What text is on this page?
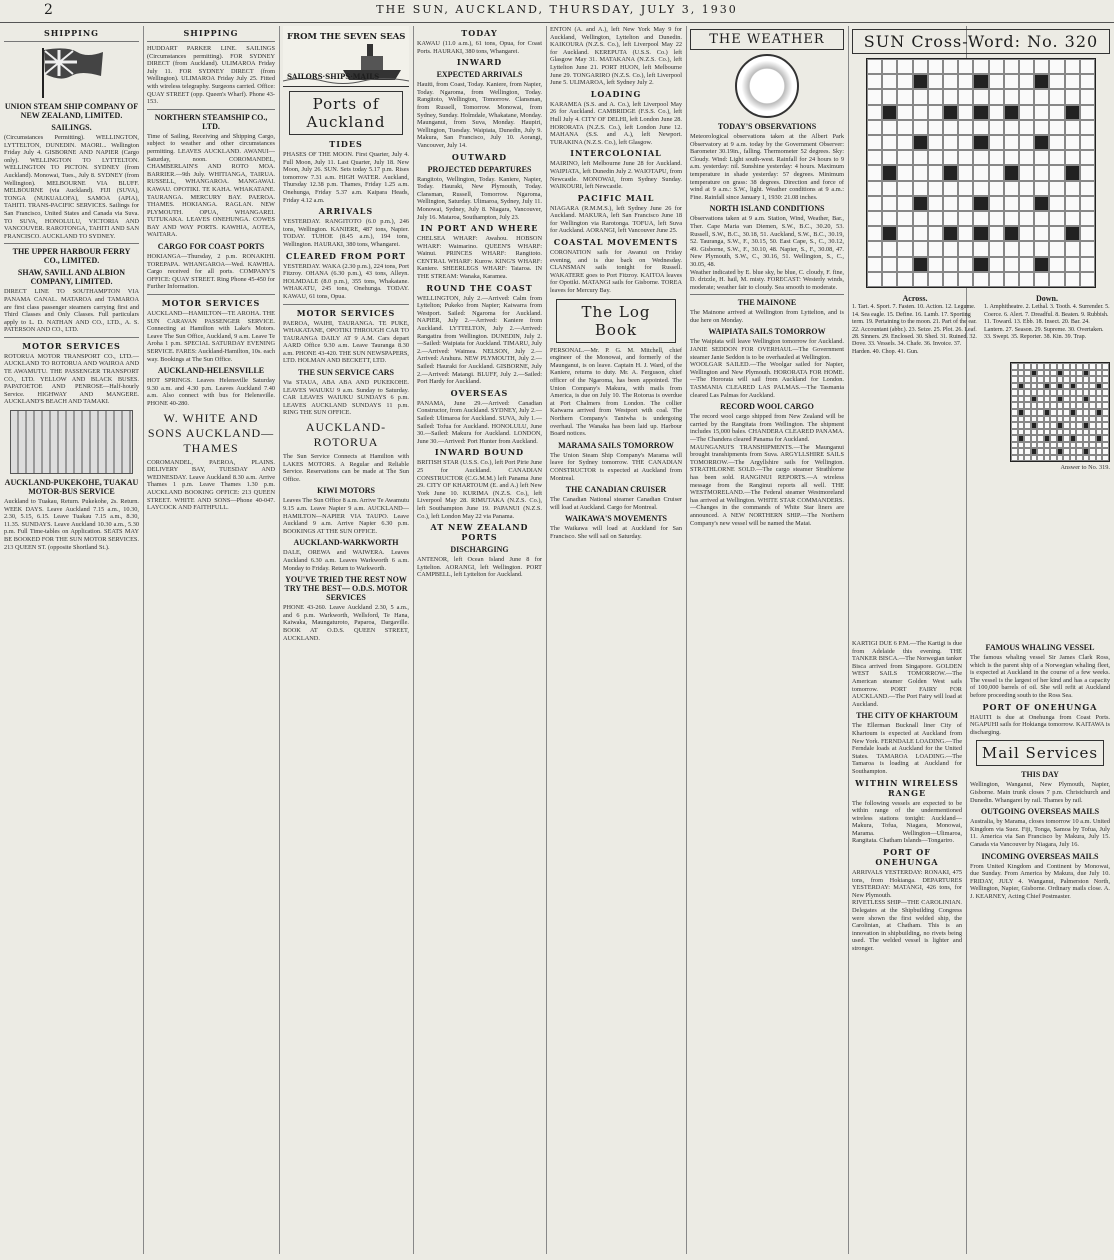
2	THE SUN, AUCKLAND, THURSDAY, JULY 3, 1930
SHIPPING
UNION STEAM SHIP COMPANY OF NEW ZEALAND, LIMITED.
SAILINGS.
(Circumstances Permitting). WELLINGTON, LYTTELTON, DUNEDIN. MAORI... Wellington Friday July 4. GISBORNE AND NAPIER (Cargo only). WELLINGTON TO LYTTELTON. WELLINGTON TO PICTON. SYDNEY (from Auckland). Monowai, Tues., July 8. SYDNEY (from Wellington). MELBOURNE VIA BLUFF. MELBOURNE (via Auckland). FIJI (SUVA), TONGA (NUKUALOFA), SAMOA (APIA), TAHITI. TRANS-PACIFIC SERVICES. Sailings for San Francisco, United States and Canada via Suva. TO SUVA, HONOLULU, VICTORIA AND VANCOUVER. RAROTONGA, TAHITI AND SAN FRANCISCO. AUCKLAND TO SYDNEY.
THE UPPER HARBOUR FERRY CO., LIMITED.
SHAW, SAVILL AND ALBION COMPANY, LIMITED.
DIRECT LINE TO SOUTHAMPTON VIA PANAMA CANAL. MATAROA and TAMAROA are first class passenger steamers carrying first and Third Classes and Only Classes. Full particulars apply to L. D. NATHAN AND CO., LTD., A. S. PATERSON AND CO., LTD.
MOTOR SERVICES
ROTORUA MOTOR TRANSPORT CO., LTD.—AUCKLAND TO ROTORUA AND WAIROA AND TE AWAMUTU. THE PASSENGER TRANSPORT CO., LTD. YELLOW AND BLACK BUSES. PAPATOETOE AND PENROSE—Half-hourly Service. HIGHWAY AND MANGERE. AUCKLAND'S BEACH AND TAMAKI.
AUCKLAND-PUKEKOHE, TUAKAU MOTOR-BUS SERVICE
Auckland to Tuakau, Return. Pukekohe, 2s. Return. WEEK DAYS. Leave Auckland 7.15 a.m., 10.30, 2.30, 5.15, 6.15. Leave Tuakau 7.15 a.m., 8.30, 11.35. SUNDAYS. Leave Auckland 10.30 a.m., 5.30 p.m. Full Time-tables on Application. SEATS MAY BE BOOKED FOR THE SUN MOTOR SERVICES. 213 QUEEN ST. (opposite Shortland St.).
SHIPPING
HUDDART PARKER LINE. SAILINGS (Circumstances permitting). FOR SYDNEY DIRECT (from Auckland). ULIMAROA Friday July 11. FOR SYDNEY DIRECT (from Wellington). ULIMAROA Friday July 25. Fitted with wireless telegraphy. Surgeons carried. Office: QUAY STREET (opp. Queen's Wharf). Phone 43-153.
NORTHERN STEAMSHIP CO., LTD.
Time of Sailing, Receiving and Shipping Cargo, subject to weather and other circumstances permitting. LEAVES AUCKLAND. AWANUI—Saturday, noon. COROMANDEL, CHAMBERLAIN'S AND ROTO MOA. BARRIER.—9th July. WHITIANGA, TAIRUA. RUSSELL, WHANGAROA. MANGAWAI. KAWAU. OPOTIKI. TE KAHA. WHAKATANE. TAURANGA. MERCURY BAY. PAEROA. THAMES. HOKIANGA. RAGLAN. NEW PLYMOUTH. OPUA, WHANGAREI. TUTUKAKA. LEAVES ONEHUNGA. COWES BAY AND WAY PORTS. KAWHIA, AOTEA, WAITARA.
CARGO FOR COAST PORTS
HOKIANGA—Thursday, 2 p.m. RONAKIHI. TOREPAPA. WHANGAROA—Wed. KAWHIA. Cargo received for all ports. COMPANY'S OFFICE: QUAY STREET. Ring Phone 45-450 for Further Information.
MOTOR SERVICES
AUCKLAND—HAMILTON—TE AROHA. THE SUN CARAVAN PASSENGER SERVICE. Connecting at Hamilton with Lake's Motors. Leave The Sun Office, Auckland, 9 a.m. Leave Te Aroha 1 p.m. SPECIAL SATURDAY EVENING SERVICE. FARES: Auckland-Hamilton, 10s. each way. Bookings at The Sun Office.
AUCKLAND-HELENSVILLE
HOT SPRINGS. Leaves Helensville Saturday 9.30 a.m. and 4.30 p.m. Leaves Auckland 7.40 a.m. Also connect with bus for Helensville. PHONE 40-280.
W. WHITE AND SONS AUCKLAND—THAMES
COROMANDEL, PAEROA, PLAINS. DELIVERY BAY, TUESDAY AND WEDNESDAY. Leave Auckland 8.30 a.m. Arrive Thames 1 p.m. Leave Thames 1.30 p.m. AUCKLAND BOOKING OFFICE: 213 QUEEN STREET. WHITE AND SONS—Phone 40-047. LAYCOCK AND FAITHFULL.
FROM THE SEVEN SEAS
SAILORS·SHIPS·MAILS
Ports of Auckland
TIDES
PHASES OF THE MOON. First Quarter, July 4. Full Moon, July 11. Last Quarter, July 18. New Moon, July 26. SUN. Sets today 5.17 p.m. Rises tomorrow 7.31 a.m. HIGH WATER. Auckland, Thursday 12.38 p.m. Thames, Friday 1.25 a.m. Onehunga, Friday 5.37 a.m. Kaipara Heads, Friday 4.12 a.m.
ARRIVALS
YESTERDAY. RANGITOTO (6.0 p.m.), 246 tons, Wellington. KANIERE, 487 tons, Napier. TODAY. TUHOE (8.45 a.m.), 194 tons, Wellington. HAURAKI, 380 tons, Whangarei.
CLEARED FROM PORT
YESTERDAY. WAKA (2.30 p.m.), 224 tons, Port Fitzroy. OHANA (6.30 p.m.), 43 tons, Alleyn. HOLMDALE (8.0 p.m.), 355 tons, Whakatane. WHAKATU, 245 tons, Onehunga. TODAY. KAWAU, 61 tons, Opua.
MOTOR SERVICES
PAEROA, WAIHI, TAURANGA. TE PUKE, WHAKATANE, OPOTIKI THROUGH CAR TO TAURANGA DAILY AT 9 A.M. Cars depart AARD Office 9.30 a.m. Leave Tauranga 8.30 a.m. PHONE 43-420. THE SUN NEWSPAPERS, LTD. HOLMAN AND BECKETT, LTD.
THE SUN SERVICE CARS
Via STAUA, ABA ABA AND PUKEKOHE. LEAVES WAIUKU 9 a.m. Sunday to Saturday. CAR LEAVES WAIUKU SUNDAYS 6 p.m. LEAVES AUCKLAND SUNDAYS 11 p.m. RING THE SUN OFFICE.
AUCKLAND-ROTORUA
The Sun Service Connects at Hamilton with LAKES MOTORS. A Regular and Reliable Service. Reservations can be made at The Sun Office.
KIWI MOTORS
Leaves The Sun Office 8 a.m. Arrive Te Awamutu 9.15 a.m. Leave Napier 9 a.m. AUCKLAND—HAMILTON—NAPIER VIA TAUPO. Leave Auckland 9 a.m. Arrive Napier 6.30 p.m. BOOKINGS AT THE SUN OFFICE.
AUCKLAND-WARKWORTH
DALE, OREWA and WAIWERA. Leaves Auckland 6.30 a.m. Leaves Warkworth 6 a.m. Monday to Friday. Return to Warkworth.
YOU'VE TRIED THE REST NOW TRY THE BEST— O.D.S. MOTOR SERVICES
PHONE 43-260. Leave Auckland 2.30, 5 a.m., and 6 p.m. Warkworth, Wellsford, Te Hana, Kaiwaka, Maungaturoto, Paparoa, Dargaville. BOOK AT O.D.S. QUEEN STREET, AUCKLAND.
TODAY
KAWAU (11.0 a.m.), 61 tons, Opua, for Coast Ports. HAURAKI, 380 tons, Whangarei.
INWARD
EXPECTED ARRIVALS
Hauiti, from Coast, Today. Kaniere, from Napier, Today. Ngaroma, from Wellington, Today. Rangitoto, Wellington, Tomorrow. Clansman, from Russell, Tomorrow. Monowai, from Sydney, Sunday. Holmdale, Whakatane, Monday. Maunganui, from Suva, Monday. Haupiri, Wellington, Tuesday. Waipiata, Dunedin, July 9. Makura, San Francisco, July 10. Aorangi, Vancouver, July 14.
OUTWARD
PROJECTED DEPARTURES
Rangitoto, Wellington, Today. Kaniere, Napier, Today. Hauraki, New Plymouth, Today. Clansman, Russell, Tomorrow. Ngaroma, Wellington, Saturday. Ulimaroa, Sydney, July 11. Monowai, Sydney, July 8. Niagara, Vancouver, July 16. Mataroa, Southampton, July 23.
IN PORT AND WHERE
CHELSEA WHARF: Awahou. HOBSON WHARF: Waimarino. QUEEN'S WHARF: Wainui. PRINCES WHARF: Rangitoto. CENTRAL WHARF: Kurow. KING'S WHARF: Kaniere. SHEERLEGS WHARF: Taiaroa. IN THE STREAM: Wanaka, Karamea.
ROUND THE COAST
WELLINGTON, July 2.—Arrived: Calm from Lyttelton; Pukeko from Napier; Kaiwarra from Westport. Sailed: Ngaroma for Auckland. NAPIER, July 2.—Arrived: Kaniere from Auckland. LYTTELTON, July 2.—Arrived: Rangatira from Wellington. DUNEDIN, July 2.—Sailed: Waipiata for Auckland. TIMARU, July 2.—Arrived: Waimea. NELSON, July 2.—Arrived: Arahura. NEW PLYMOUTH, July 2.—Sailed: Hauraki for Auckland. GISBORNE, July 2.—Arrived: Matangi. BLUFF, July 2.—Sailed: Port Hardy for Auckland.
OVERSEAS
PANAMA, June 29.—Arrived: Canadian Constructor, from Auckland. SYDNEY, July 2.—Sailed: Ulimaroa for Auckland. SUVA, July 1.—Sailed: Tofua for Auckland. HONOLULU, June 30.—Sailed: Makura for Auckland. LONDON, June 30.—Arrived: Port Hunter from Auckland.
INWARD BOUND
BRITISH STAR (U.S.S. Co.), left Port Pirie June 25 for Auckland. CANADIAN CONSTRUCTOR (C.G.M.M.) left Panama June 29. CITY OF KHARTOUM (E. and A.) left New York June 10. KURIMA (N.Z.S. Co.), left Liverpool May 28. RIMUTAKA (N.Z.S. Co.), left Southampton June 19. PAPANUI (N.Z.S. Co.), left London May 22 via Panama.
AT NEW ZEALAND PORTS
DISCHARGING
ANTENOR, left Ocean Island June 8 for Lyttelton. AORANGI, left Wellington. PORT CAMPBELL, left Lyttelton for Auckland.
ENTON (A. and A.), left New York May 9 for Auckland, Wellington, Lyttelton and Dunedin. KAIKOURA (N.Z.S. Co.), left Liverpool May 22 for Auckland. KEREPUTA (U.S.S. Co.) left Glasgow May 31. MATAKANA (N.Z.S. Co.), left Lyttelton June 21. PORT HUON, left Melbourne June 29. TONGARIRO (N.Z.S. Co.), left Liverpool June 5. ULIMAROA, left Sydney July 2.
LOADING
KARAMEA (S.S. and A. Co.), left Liverpool May 26 for Auckland. CAMBRIDGE (F.S.S. Co.), left Hull July 4. CITY OF DELHI, left London June 28. HORORATA (N.Z.S. Co.), left London June 12. MAHANA (S.S. and A.), left Newport. TURAKINA (N.Z.S. Co.), left Glasgow.
INTERCOLONIAL
MAIRINO, left Melbourne June 28 for Auckland. WAIPIATA, left Dunedin July 2. WAIOTAPU, from Newcastle. MONOWAI, from Sydney Sunday. WAIKOURI, left Newcastle.
PACIFIC MAIL
NIAGARA (R.M.M.S.), left Sydney June 26 for Auckland. MAKURA, left San Francisco June 18 for Wellington via Rarotonga. TOFUA, left Suva for Auckland. AORANGI, left Vancouver June 25.
COASTAL MOVEMENTS
CORONATION sails for Awanui on Friday evening, and is due back on Wednesday. CLANSMAN sails tonight for Russell. WAKATERE goes to Port Fitzroy. KAITOA leaves for Opotiki. MATANGI sails for Gisborne. TOREA leaves for Mercury Bay.
The Log Book
PERSONAL.—Mr. P. G. M. Mitchell, chief engineer of the Monowai, and formerly of the Maunganui, is on leave. Captain H. J. Ward, of the Kaniere, returns to duty. Mr. A. Ferguson, chief officer of the Ngaroma, has been appointed. The Union Company's Makura, with mails from America, is due on July 10. The Rotorua is overdue at Port Chalmers from London. The collier Kaiwarra arrived from Westport with coal. The Northern Company's Taniwha is undergoing overhaul. The Wanaka has been laid up. Harbour Board notices.
MARAMA SAILS TOMORROW
The Union Steam Ship Company's Marama will leave for Sydney tomorrow. THE CANADIAN CONSTRUCTOR is expected at Auckland from Montreal.
THE CANADIAN CRUISER
The Canadian National steamer Canadian Cruiser will load at Auckland. Cargo for Montreal.
WAIKAWA'S MOVEMENTS
The Waikawa will load at Auckland for San Francisco. She will sail on Saturday.
THE WEATHER
TODAY'S OBSERVATIONS
Meteorological observations taken at the Albert Park Observatory at 9 a.m. today by the Government Observer: Barometer 30.19in., falling. Thermometer 52 degrees. Sky: Cloudy. Wind: Light south-west. Rainfall for 24 hours to 9 a.m. yesterday: nil. Sunshine yesterday: 4 hours. Maximum temperature in shade yesterday: 57 degrees. Minimum temperature on grass: 38 degrees. Direction and force of wind at 9 a.m.: S.W., light. Weather conditions at 9 a.m.: Fine. Rainfall since January 1, 1930: 21.08 inches.
NORTH ISLAND CONDITIONS
Observations taken at 9 a.m. Station, Wind, Weather, Bar., Ther. Cape Maria van Diemen, S.W., B.C., 30.20, 53. Russell, S.W., B.C., 30.18, 51. Auckland, S.W., B.C., 30.19, 52. Tauranga, S.W., F., 30.15, 50. East Cape, S., C., 30.12, 49. Gisborne, S.W., F., 30.10, 48. Napier, S., F., 30.08, 47. New Plymouth, S.W., C., 30.16, 51. Wellington, S., C., 30.05, 48.
Weather indicated by E. blue sky, be blue, C. cloudy, F. fine, D. drizzle, H. hail, M. misty. FORECAST: Westerly winds, moderate; weather fair to cloudy. Sea smooth to moderate.
THE MAINONE
The Mainone arrived at Wellington from Lyttelton, and is due here on Monday.
WAIPIATA SAILS TOMORROW
The Waipiata will leave Wellington tomorrow for Auckland. JANIE SEDDON FOR OVERHAUL—The Government steamer Janie Seddon is to be overhauled at Wellington.
WOOLGAR SAILED.—The Woolgar sailed for Napier, Wellington and New Plymouth. HORORATA FOR HOME.—The Hororata will sail from Auckland for London. TASMANIA CLEARED LAS PALMAS.—The Tasmania cleared Las Palmas for Auckland.
RECORD WOOL CARGO
The record wool cargo shipped from New Zealand will be carried by the Rangitata from Wellington. The shipment includes 15,000 bales. CHANDERA CLEARED PANAMA.—The Chandera cleared Panama for Auckland.
MAUNGANUI'S TRANSHIPMENTS.—The Maunganui brought transhipments from Suva. ARGYLLSHIRE SAILS TOMORROW.—The Argyllshire sails for Wellington. STRATHLORNE SOLD.—The cargo steamer Strathlorne has been sold. RANGINUI REPORTS.—A wireless message from the Ranginui reports all well. THE WESTMORELAND.—The Federal steamer Westmoreland has arrived at Wellington. WHITE STAR COMMANDERS.—Changes in the commands of White Star liners are announced. A NEW NORTHERN SHIP.—The Northern Company's new vessel will be named the Matai.
SUN Cross-Word: No. 320
Across.
1. Tart. 4. Sport. 7. Fasten. 10. Action. 12. Legume. 14. Sea eagle. 15. Define. 16. Lamb. 17. Sporting term. 19. Pertaining to the moon. 21. Part of the ear. 22. Accountant (abbr.). 23. Seize. 25. Plot. 26. Leaf. 28. Sinners. 29. Enclosed. 30. Shed. 31. Ruined. 32. Dove. 33. Vessels. 34. Chafe. 36. Invoice. 37. Harden. 40. Chop. 41. Gun.
Down.
1. Amphitheatre. 2. Lethal. 3. Tooth. 4. Surrender. 5. Coerce. 6. Alert. 7. Dreadful. 8. Beaten. 9. Rubbish. 11. Toward. 13. Ebb. 18. Insect. 20. Bar. 24. Lantern. 27. Season. 29. Supreme. 30. Overtaken. 33. Swept. 35. Reporter. 38. Kin. 39. Trap.
Answer to No. 319.
KARTIGI DUE 6 P.M.—The Kartigi is due from Adelaide this evening. THE TANKER BISCA.—The Norwegian tanker Bisca arrived from Singapore. GOLDEN WEST SAILS TOMORROW.—The American steamer Golden West sails tomorrow. PORT FAIRY FOR AUCKLAND.—The Port Fairy will load at Auckland.
THE CITY OF KHARTOUM
The Ellerman Bucknall liner City of Khartoum is expected at Auckland from New York. FERNDALE LOADING.—The Ferndale loads at Auckland for the United States. TAMAROA LOADING.—The Tamaroa is loading at Auckland for Southampton.
WITHIN WIRELESS RANGE
The following vessels are expected to be within range of the undermentioned wireless stations tonight: Auckland—Makura, Tofua, Niagara, Monowai, Marama. Wellington—Ulimaroa, Rangitata. Chatham Islands—Tongariro.
PORT OF ONEHUNGA
ARRIVALS YESTERDAY: RONAKI, 475 tons, from Hokianga. DEPARTURES YESTERDAY: MATANGI, 426 tons, for New Plymouth.
RIVETLESS SHIP—THE CAROLINIAN. Delegates at the Shipbuilding Congress were shown the first welded ship, the Carolinian, at Chatham. This is an innovation in shipbuilding, no rivets being used. The welded vessel is lighter and stronger.
FAMOUS WHALING VESSEL
The famous whaling vessel Sir James Clark Ross, which is the parent ship of a Norwegian whaling fleet, is expected at Auckland in the course of a few weeks. The vessel is the largest of her kind and has a capacity of 100,000 barrels of oil. She will refit at Auckland before proceeding south to the Ross Sea.
PORT OF ONEHUNGA
HAUITI is due at Onehunga from Coast Ports. NGAPUHI sails for Hokianga tomorrow. KAITAWA is discharging.
Mail Services
THIS DAY
Wellington, Wanganui, New Plymouth, Napier, Gisborne. Main trunk closes 7 p.m. Christchurch and Dunedin. Whangarei by rail. Thames by rail.
OUTGOING OVERSEAS MAILS
Australia, by Marama, closes tomorrow 10 a.m. United Kingdom via Suez. Fiji, Tonga, Samoa by Tofua, July 11. America via San Francisco by Makura, July 15. Canada via Vancouver by Niagara, July 16.
INCOMING OVERSEAS MAILS
From United Kingdom and Continent by Monowai, due Sunday. From America by Makura, due July 10. FRIDAY, JULY 4. Wanganui, Palmerston North, Wellington, Napier, Gisborne. Ordinary mails close. A. J. KEARNEY, Acting Chief Postmaster.
